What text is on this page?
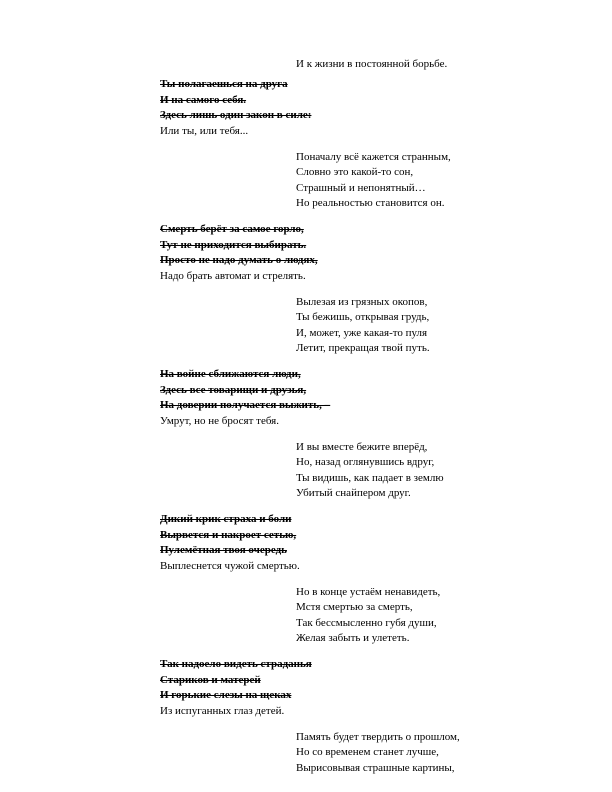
И к жизни в постоянной борьбе.
Ты полагаешься на друга
И на самого себя.
Здесь лишь один закон в силе:
Или ты, или тебя...
Поначалу всё кажется странным,
Словно это какой-то сон,
Страшный и непонятный…
Но реальностью становится он.
Смерть берёт за самое горло,
Тут не приходится выбирать.
Просто не надо думать о людях,
Надо брать автомат и стрелять.
Вылезая из грязных окопов,
Ты бежишь, открывая грудь,
И, может, уже какая-то пуля
Летит, прекращая твой путь.
На войне сближаются люди,
Здесь все товарищи и друзья,
На доверии получается выжить, –
Умрут, но не бросят тебя.
И вы вместе бежите вперёд,
Но, назад оглянувшись вдруг,
Ты видишь, как падает в землю
Убитый снайпером друг.
Дикий крик страха и боли
Вырвется и накроет сетью,
Пулемётная твоя очередь
Выплеснется чужой смертью.
Но в конце устаём ненавидеть,
Мстя смертью за смерть,
Так бессмысленно губя души,
Желая забыть и улететь.
Так надоело видеть страданья
Стариков и матерей
И горькие слезы на щеках
Из испуганных глаз детей.
Память будет твердить о прошлом,
Но со временем станет лучше,
Вырисовывая страшные картины,
